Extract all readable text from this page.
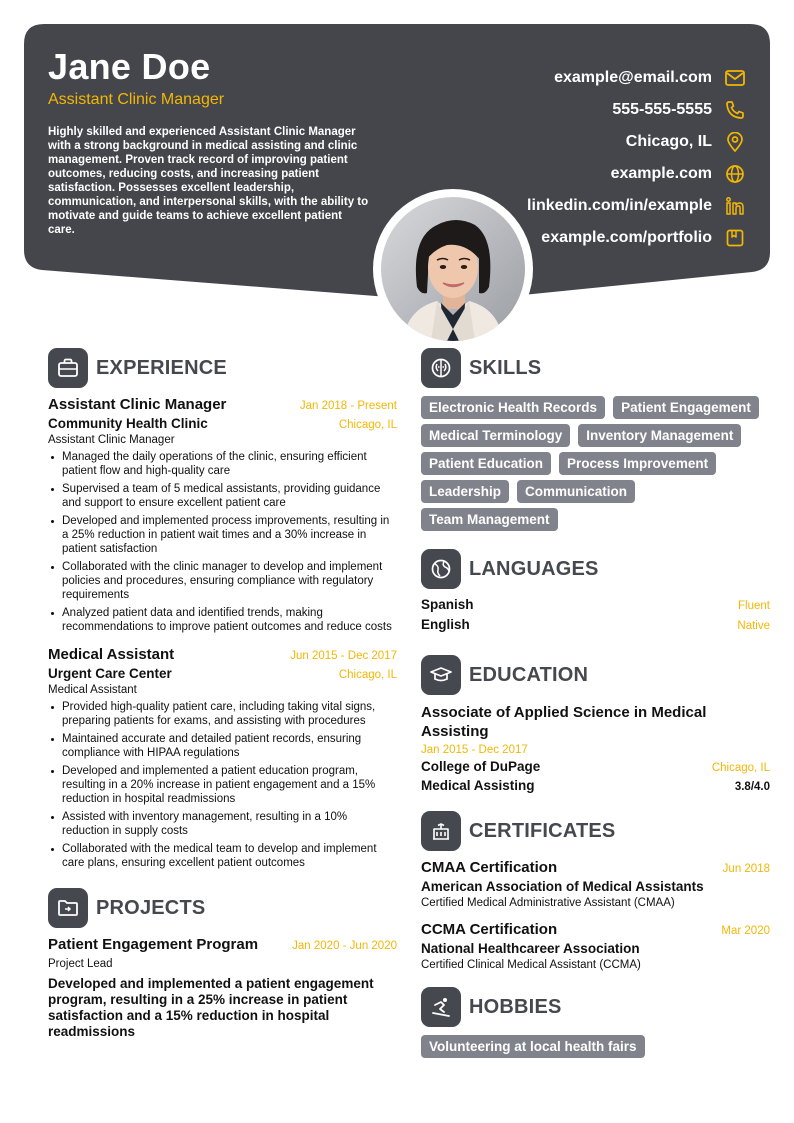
Jane Doe
Assistant Clinic Manager
Highly skilled and experienced Assistant Clinic Manager with a strong background in medical assisting and clinic management. Proven track record of improving patient outcomes, reducing costs, and increasing patient satisfaction. Possesses excellent leadership, communication, and interpersonal skills, with the ability to motivate and guide teams to achieve excellent patient care.
example@email.com
555-555-5555
Chicago, IL
example.com
linkedin.com/in/example
example.com/portfolio
EXPERIENCE
Assistant Clinic Manager	Jan 2018 - Present
Community Health Clinic	Chicago, IL
Assistant Clinic Manager
Managed the daily operations of the clinic, ensuring efficient patient flow and high-quality care
Supervised a team of 5 medical assistants, providing guidance and support to ensure excellent patient care
Developed and implemented process improvements, resulting in a 25% reduction in patient wait times and a 30% increase in patient satisfaction
Collaborated with the clinic manager to develop and implement policies and procedures, ensuring compliance with regulatory requirements
Analyzed patient data and identified trends, making recommendations to improve patient outcomes and reduce costs
Medical Assistant	Jun 2015 - Dec 2017
Urgent Care Center	Chicago, IL
Medical Assistant
Provided high-quality patient care, including taking vital signs, preparing patients for exams, and assisting with procedures
Maintained accurate and detailed patient records, ensuring compliance with HIPAA regulations
Developed and implemented a patient education program, resulting in a 20% increase in patient engagement and a 15% reduction in hospital readmissions
Assisted with inventory management, resulting in a 10% reduction in supply costs
Collaborated with the medical team to develop and implement care plans, ensuring excellent patient outcomes
PROJECTS
Patient Engagement Program	Jan 2020 - Jun 2020
Project Lead
Developed and implemented a patient engagement program, resulting in a 25% increase in patient satisfaction and a 15% reduction in hospital readmissions
SKILLS
Electronic Health Records	Patient Engagement
Medical Terminology	Inventory Management
Patient Education	Process Improvement
Leadership	Communication
Team Management
LANGUAGES
Spanish	Fluent
English	Native
EDUCATION
Associate of Applied Science in Medical Assisting
Jan 2015 - Dec 2017
College of DuPage	Chicago, IL
Medical Assisting	3.8/4.0
CERTIFICATES
CMAA Certification	Jun 2018
American Association of Medical Assistants
Certified Medical Administrative Assistant (CMAA)
CCMA Certification	Mar 2020
National Healthcareer Association
Certified Clinical Medical Assistant (CCMA)
HOBBIES
Volunteering at local health fairs
